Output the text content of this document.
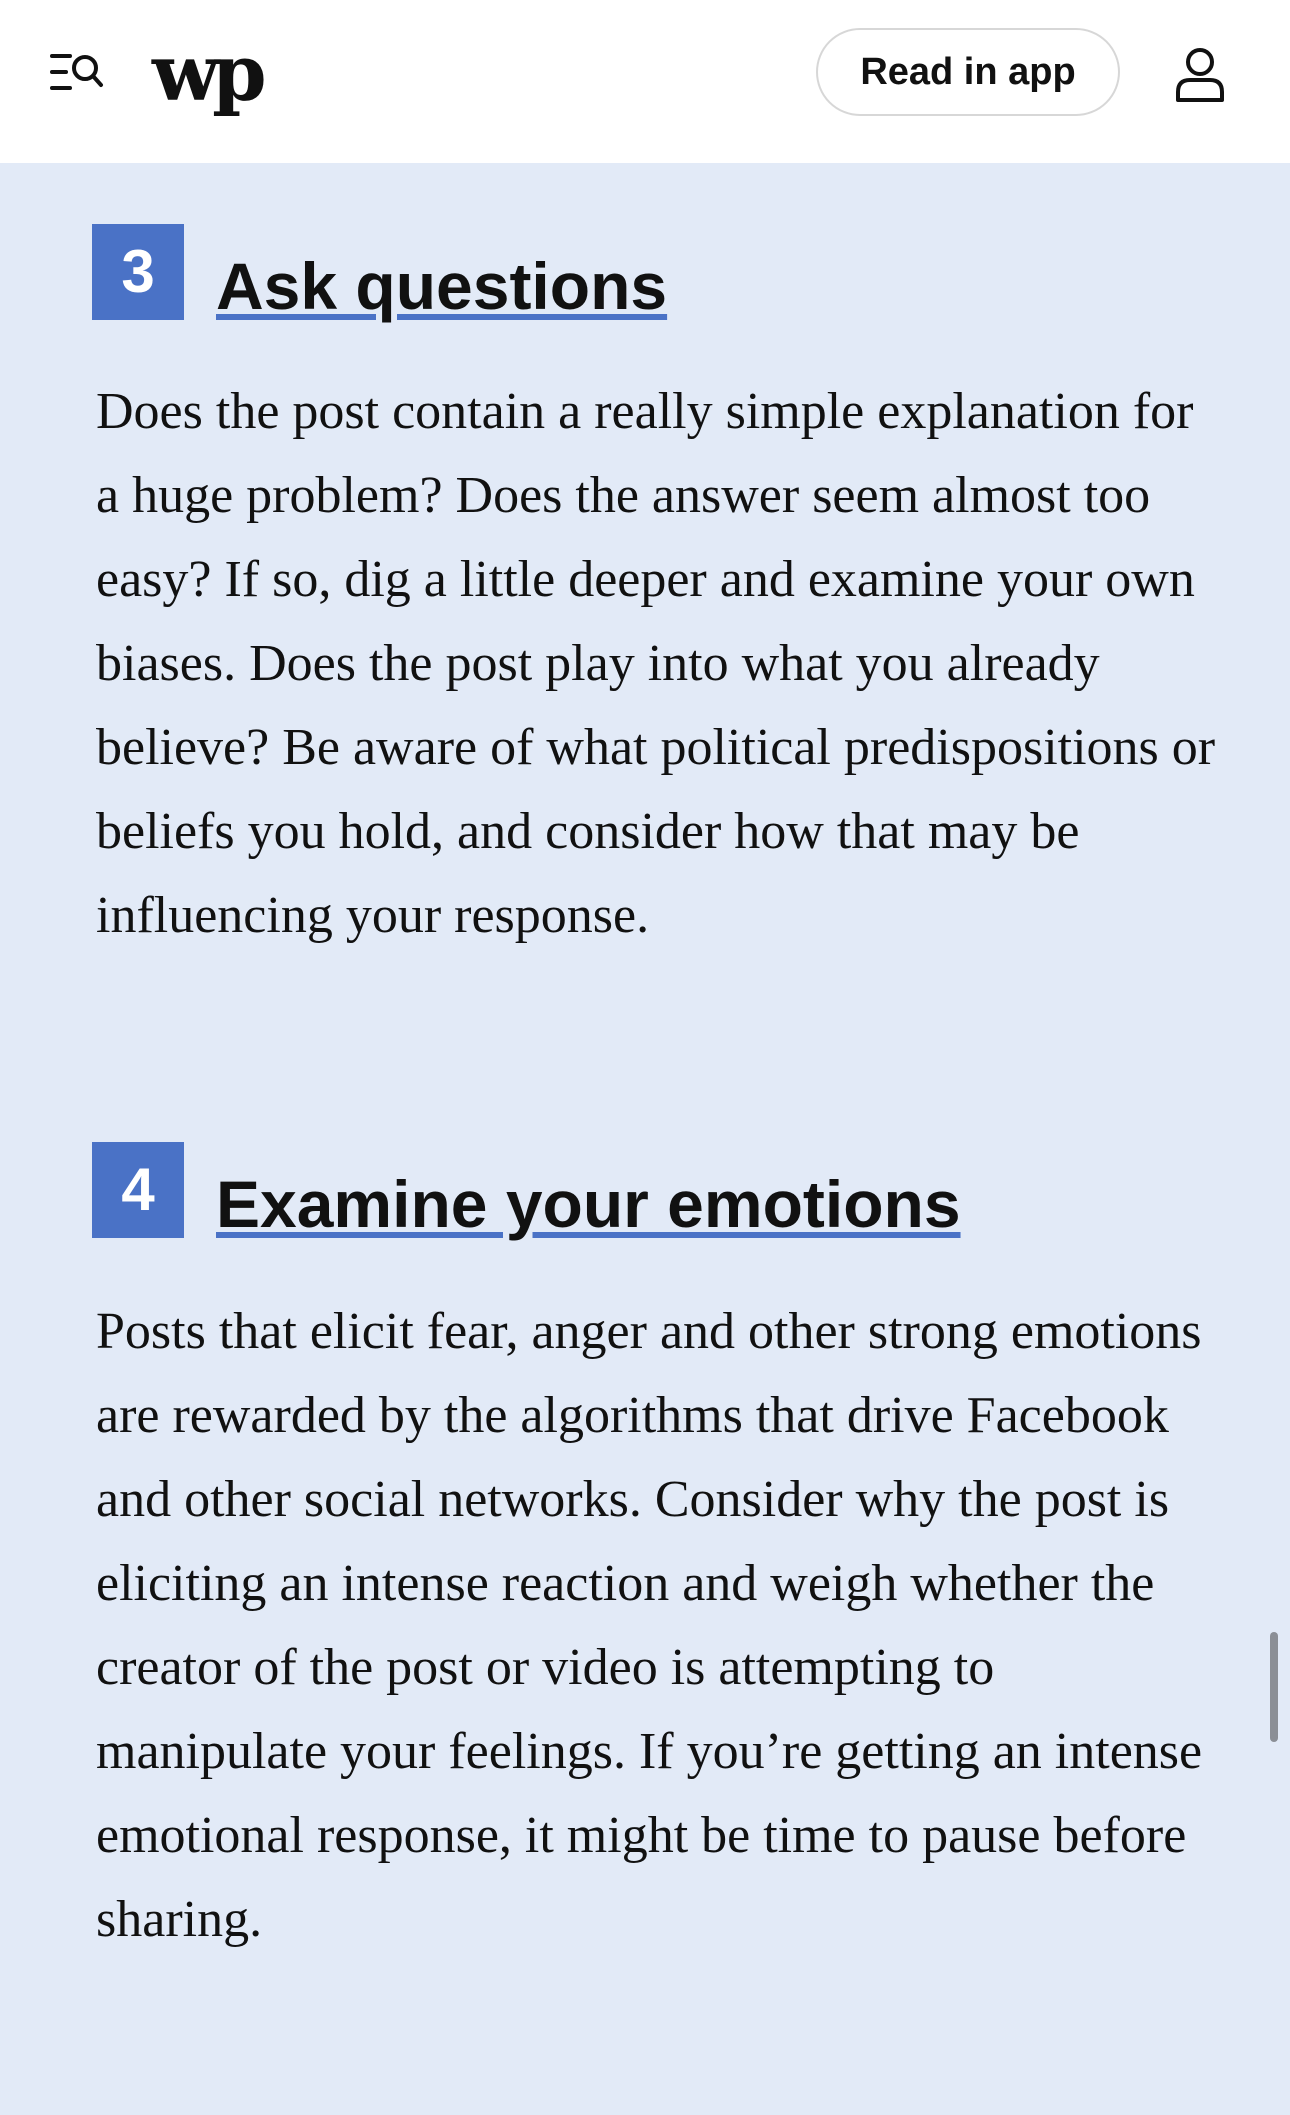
wp	Read in app
3 Ask questions

Does the post contain a really simple explanation for a huge problem? Does the answer seem almost too easy? If so, dig a little deeper and examine your own biases. Does the post play into what you already believe? Be aware of what political predispositions or beliefs you hold, and consider how that may be influencing your response.

4 Examine your emotions

Posts that elicit fear, anger and other strong emotions are rewarded by the algorithms that drive Facebook and other social networks. Consider why the post is eliciting an intense reaction and weigh whether the creator of the post or video is attempting to manipulate your feelings. If you’re getting an intense emotional response, it might be time to pause before sharing.
